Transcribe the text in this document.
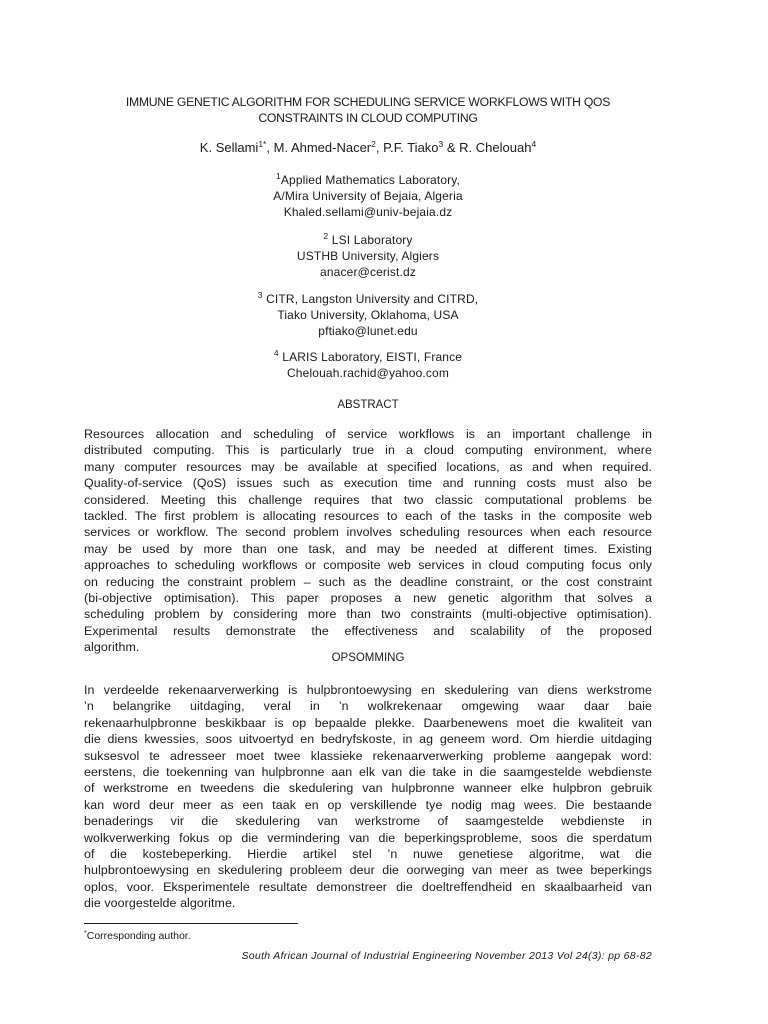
IMMUNE GENETIC ALGORITHM FOR SCHEDULING SERVICE WORKFLOWS WITH QOS
CONSTRAINTS IN CLOUD COMPUTING
K. Sellami$^{1*}$, M. Ahmed-Nacer$^2$, P.F. Tiako$^3$ & R. Chelouah$^4$
$^1$Applied Mathematics Laboratory,
A/Mira University of Bejaia, Algeria
Khaled.sellami@univ-bejaia.dz
$^2$ LSI Laboratory
USTHB University, Algiers
anacer@cerist.dz
$^3$ CITR, Langston University and CITRD,
Tiako University, Oklahoma, USA
pftiako@lunet.edu
$^4$ LARIS Laboratory, EISTI, France
Chelouah.rachid@yahoo.com
ABSTRACT
Resources allocation and scheduling of service workflows is an important challenge in
distributed computing. This is particularly true in a cloud computing environment, where
many computer resources may be available at specified locations, as and when required.
Quality-of-service (QoS) issues such as execution time and running costs must also be
considered. Meeting this challenge requires that two classic computational problems be
tackled. The first problem is allocating resources to each of the tasks in the composite web
services or workflow. The second problem involves scheduling resources when each resource
may be used by more than one task, and may be needed at different times. Existing
approaches to scheduling workflows or composite web services in cloud computing focus only
on reducing the constraint problem – such as the deadline constraint, or the cost constraint
(bi-objective optimisation). This paper proposes a new genetic algorithm that solves a
scheduling problem by considering more than two constraints (multi-objective optimisation).
Experimental results demonstrate the effectiveness and scalability of the proposed
algorithm.
OPSOMMING
In verdeelde rekenaarverwerking is hulpbrontoewysing en skedulering van diens werkstrome
’n belangrike uitdaging, veral in ’n wolkrekenaar omgewing waar daar baie
rekenaarhulpbronne beskikbaar is op bepaalde plekke. Daarbenewens moet die kwaliteit van
die diens kwessies, soos uitvoertyd en bedryfskoste, in ag geneem word. Om hierdie uitdaging
suksesvol te adresseer moet twee klassieke rekenaarverwerking probleme aangepak word:
eerstens, die toekenning van hulpbronne aan elk van die take in die saamgestelde webdienste
of werkstrome en tweedens die skedulering van hulpbronne wanneer elke hulpbron gebruik
kan word deur meer as een taak en op verskillende tye nodig mag wees. Die bestaande
benaderings vir die skedulering van werkstrome of saamgestelde webdienste in
wolkverwerking fokus op die vermindering van die beperkingsprobleme, soos die sperdatum
of die kostebeperking. Hierdie artikel stel ’n nuwe genetiese algoritme, wat die
hulpbrontoewysing en skedulering probleem deur die oorweging van meer as twee beperkings
oplos, voor. Eksperimentele resultate demonstreer die doeltreffendheid en skaalbaarheid van
die voorgestelde algoritme.
*Corresponding author.
South African Journal of Industrial Engineering November 2013 Vol 24(3): pp 68-82
